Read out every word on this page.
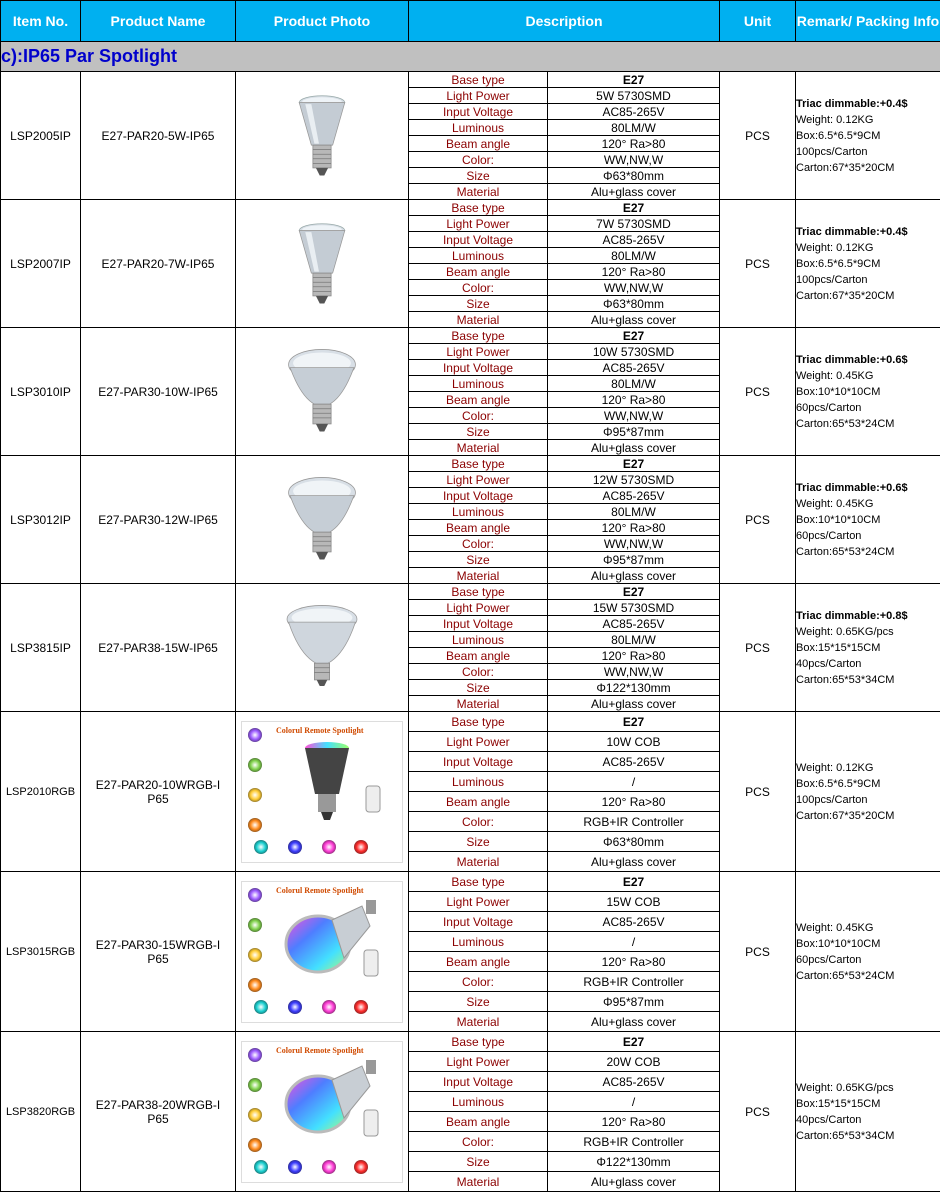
Item No.	Product Name	Product Photo	Description	Unit	Remark/ Packing Info
c):IP65 Par Spotlight
LSP2005IP	E27-PAR20-5W-IP65	

Base type	E27
Light Power	5W 5730SMD
Input Voltage	AC85-265V
Luminous	80LM/W
Beam angle	120° Ra>80
Color:	WW,NW,W
Size	Φ63*80mm
Material	Alu+glass cover
	PCS	
Triac dimmable:+0.4$
Weight: 0.12KG
Box:6.5*6.5*9CM
100pcs/Carton
Carton:67*35*20CM

LSP2007IP	E27-PAR20-7W-IP65	

Base type	E27
Light Power	7W 5730SMD
Input Voltage	AC85-265V
Luminous	80LM/W
Beam angle	120° Ra>80
Color:	WW,NW,W
Size	Φ63*80mm
Material	Alu+glass cover
	PCS	
Triac dimmable:+0.4$
Weight: 0.12KG
Box:6.5*6.5*9CM
100pcs/Carton
Carton:67*35*20CM

LSP3010IP	E27-PAR30-10W-IP65	

Base type	E27
Light Power	10W 5730SMD
Input Voltage	AC85-265V
Luminous	80LM/W
Beam angle	120° Ra>80
Color:	WW,NW,W
Size	Φ95*87mm
Material	Alu+glass cover
	PCS	
Triac dimmable:+0.6$
Weight: 0.45KG
Box:10*10*10CM
60pcs/Carton
Carton:65*53*24CM

LSP3012IP	E27-PAR30-12W-IP65	

Base type	E27
Light Power	12W 5730SMD
Input Voltage	AC85-265V
Luminous	80LM/W
Beam angle	120° Ra>80
Color:	WW,NW,W
Size	Φ95*87mm
Material	Alu+glass cover
	PCS	
Triac dimmable:+0.6$
Weight: 0.45KG
Box:10*10*10CM
60pcs/Carton
Carton:65*53*24CM

LSP3815IP	E27-PAR38-15W-IP65	

Base type	E27
Light Power	15W 5730SMD
Input Voltage	AC85-265V
Luminous	80LM/W
Beam angle	120° Ra>80
Color:	WW,NW,W
Size	Φ122*130mm
Material	Alu+glass cover
	PCS	
Triac dimmable:+0.8$
Weight: 0.65KG/pcs
Box:15*15*15CM
40pcs/Carton
Carton:65*53*34CM

LSP2010RGB	E27-PAR20-10WRGB-IP65	
Colorul Remote Spotlight

Base type	E27
Light Power	10W COB
Input Voltage	AC85-265V
Luminous	/
Beam angle	120° Ra>80
Color:	RGB+IR Controller
Size	Φ63*80mm
Material	Alu+glass cover
	PCS	
Weight: 0.12KG
Box:6.5*6.5*9CM
100pcs/Carton
Carton:67*35*20CM

LSP3015RGB	E27-PAR30-15WRGB-IP65	
Colorul Remote Spotlight

Base type	E27
Light Power	15W COB
Input Voltage	AC85-265V
Luminous	/
Beam angle	120° Ra>80
Color:	RGB+IR Controller
Size	Φ95*87mm
Material	Alu+glass cover
	PCS	
Weight: 0.45KG
Box:10*10*10CM
60pcs/Carton
Carton:65*53*24CM

LSP3820RGB	E27-PAR38-20WRGB-IP65	
Colorul Remote Spotlight

Base type	E27
Light Power	20W COB
Input Voltage	AC85-265V
Luminous	/
Beam angle	120° Ra>80
Color:	RGB+IR Controller
Size	Φ122*130mm
Material	Alu+glass cover
	PCS	
Weight: 0.65KG/pcs
Box:15*15*15CM
40pcs/Carton
Carton:65*53*34CM
